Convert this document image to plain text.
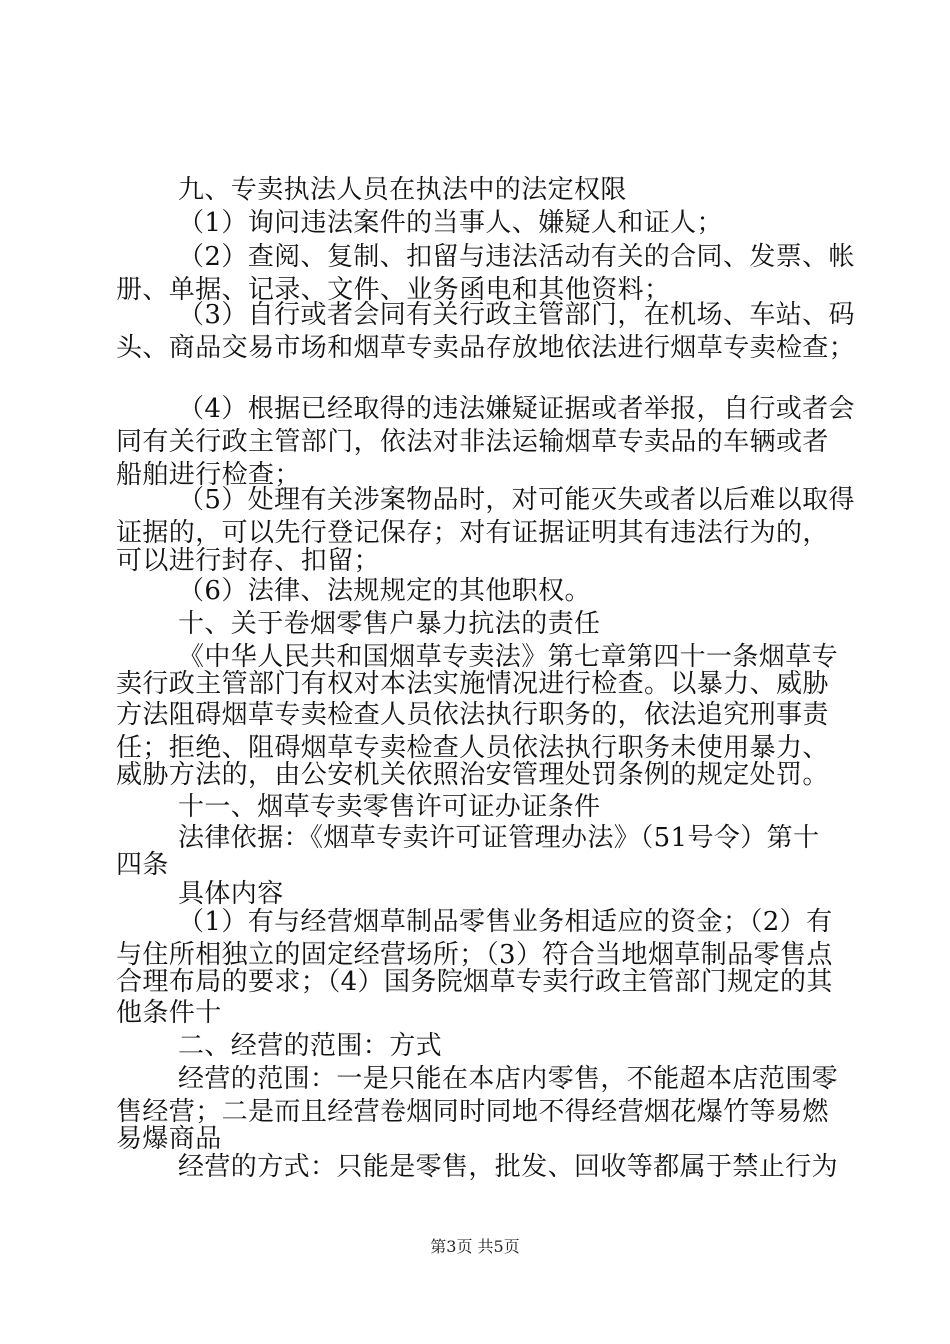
九、专卖执法人员在执法中的法定权限
（1）询问违法案件的当事人、嫌疑人和证人；
（2）查阅、复制、扣留与违法活动有关的合同、发票、帐
册、单据、记录、文件、业务函电和其他资料；
（3）自行或者会同有关行政主管部门，在机场、车站、码
头、商品交易市场和烟草专卖品存放地依法进行烟草专卖检查；
（4）根据已经取得的违法嫌疑证据或者举报，自行或者会
同有关行政主管部门，依法对非法运输烟草专卖品的车辆或者
船舶进行检查；
（5）处理有关涉案物品时，对可能灭失或者以后难以取得
证据的，可以先行登记保存；对有证据证明其有违法行为的，
可以进行封存、扣留；
（6）法律、法规规定的其他职权。
十、关于卷烟零售户暴力抗法的责任
《中华人民共和国烟草专卖法》第七章第四十一条烟草专
卖行政主管部门有权对本法实施情况进行检查。以暴力、威胁
方法阻碍烟草专卖检查人员依法执行职务的，依法追究刑事责
任；拒绝、阻碍烟草专卖检查人员依法执行职务未使用暴力、
威胁方法的，由公安机关依照治安管理处罚条例的规定处罚。
十一、烟草专卖零售许可证办证条件
法律依据：《烟草专卖许可证管理办法》（51号令）第十
四条
具体内容
（1）有与经营烟草制品零售业务相适应的资金；（2）有
与住所相独立的固定经营场所；（3）符合当地烟草制品零售点
合理布局的要求；（4）国务院烟草专卖行政主管部门规定的其
他条件十
二、经营的范围：方式
经营的范围：一是只能在本店内零售，不能超本店范围零
售经营；二是而且经营卷烟同时同地不得经营烟花爆竹等易燃
易爆商品
经营的方式：只能是零售，批发、回收等都属于禁止行为
第3页 共5页
